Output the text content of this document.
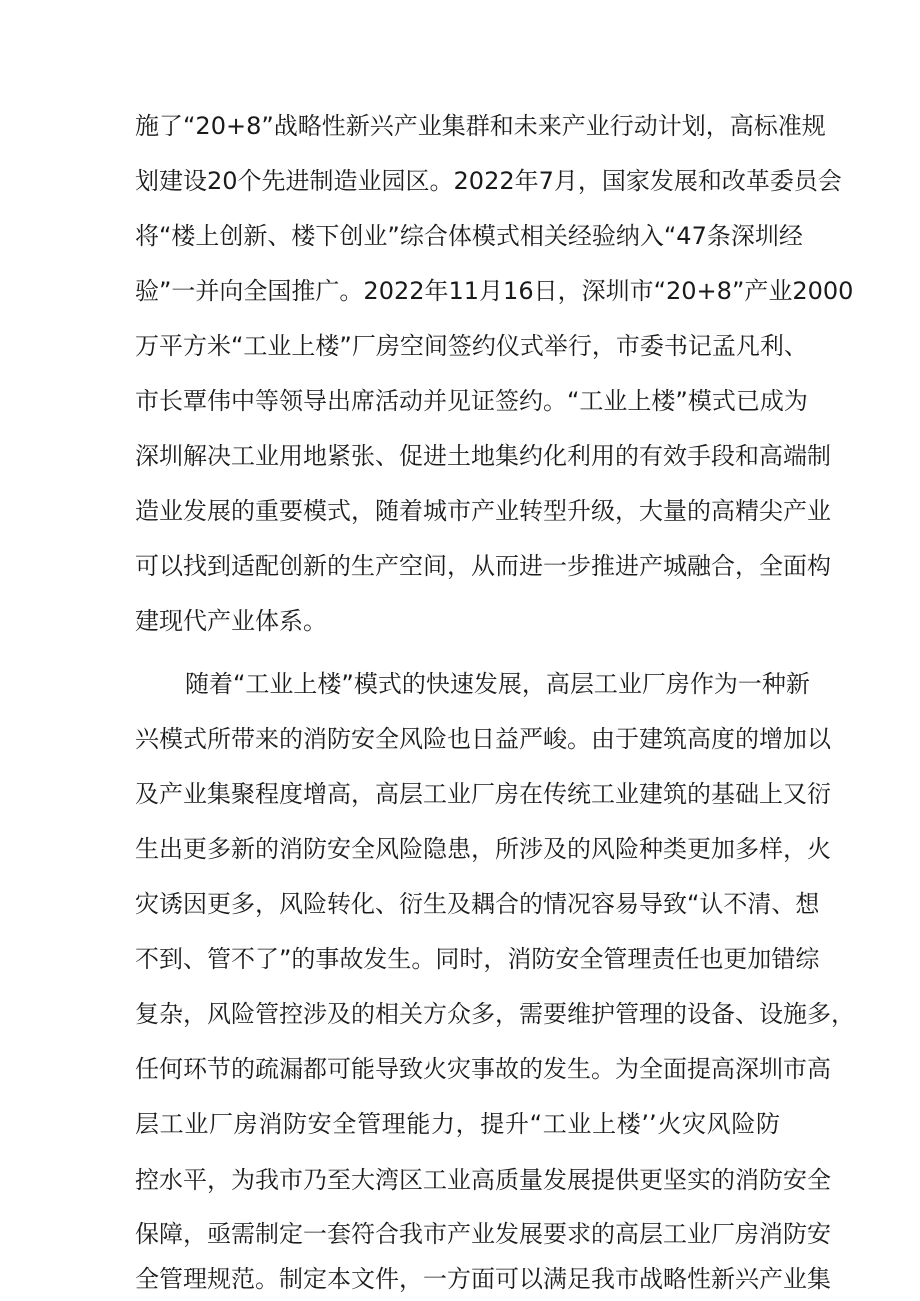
施了“20+8”战略性新兴产业集群和未来产业行动计划，高标准规
划建设20个先进制造业园区。2022年7月，国家发展和改革委员会
将“楼上创新、楼下创业”综合体模式相关经验纳入“47条深圳经
验”一并向全国推广。2022年11月16日，深圳市“20+8”产业2000
万平方米“工业上楼”厂房空间签约仪式举行，市委书记孟凡利、
市长覃伟中等领导出席活动并见证签约。“工业上楼”模式已成为
深圳解决工业用地紧张、促进土地集约化利用的有效手段和高端制
造业发展的重要模式，随着城市产业转型升级，大量的高精尖产业
可以找到适配创新的生产空间，从而进一步推进产城融合，全面构
建现代产业体系。
随着“工业上楼”模式的快速发展，高层工业厂房作为一种新
兴模式所带来的消防安全风险也日益严峻。由于建筑高度的增加以
及产业集聚程度增高，高层工业厂房在传统工业建筑的基础上又衍
生出更多新的消防安全风险隐患，所涉及的风险种类更加多样，火
灾诱因更多，风险转化、衍生及耦合的情况容易导致“认不清、想
不到、管不了”的事故发生。同时，消防安全管理责任也更加错综
复杂，风险管控涉及的相关方众多，需要维护管理的设备、设施多，
任何环节的疏漏都可能导致火灾事故的发生。为全面提高深圳市高
层工业厂房消防安全管理能力，提升“工业上楼’’火灾风险防
控水平，为我市乃至大湾区工业高质量发展提供更坚实的消防安全
保障，亟需制定一套符合我市产业发展要求的高层工业厂房消防安
全管理规范。制定本文件，一方面可以满足我市战略性新兴产业集
